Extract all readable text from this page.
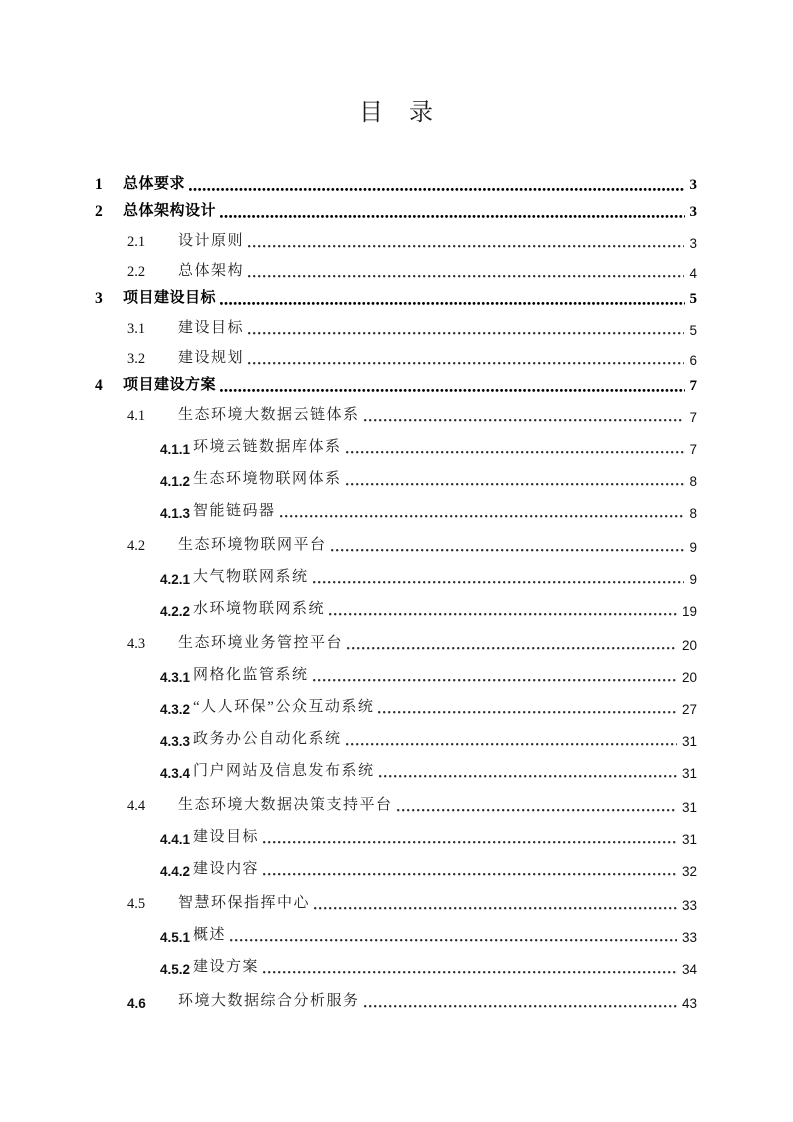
目　录
1	总体要求	3
2	总体架构设计	3
2.1	设计原则	3
2.2	总体架构	4
3	项目建设目标	5
3.1	建设目标	5
3.2	建设规划	6
4	项目建设方案	7
4.1	生态环境大数据云链体系	7
4.1.1 环境云链数据库体系	7
4.1.2 生态环境物联网体系	8
4.1.3 智能链码器	8
4.2	生态环境物联网平台	9
4.2.1 大气物联网系统	9
4.2.2 水环境物联网系统	19
4.3	生态环境业务管控平台	20
4.3.1 网格化监管系统	20
4.3.2 “人人环保”公众互动系统	27
4.3.3 政务办公自动化系统	31
4.3.4 门户网站及信息发布系统	31
4.4	生态环境大数据决策支持平台	31
4.4.1 建设目标	31
4.4.2 建设内容	32
4.5	智慧环保指挥中心	33
4.5.1 概述	33
4.5.2 建设方案	34
4.6	环境大数据综合分析服务	43
